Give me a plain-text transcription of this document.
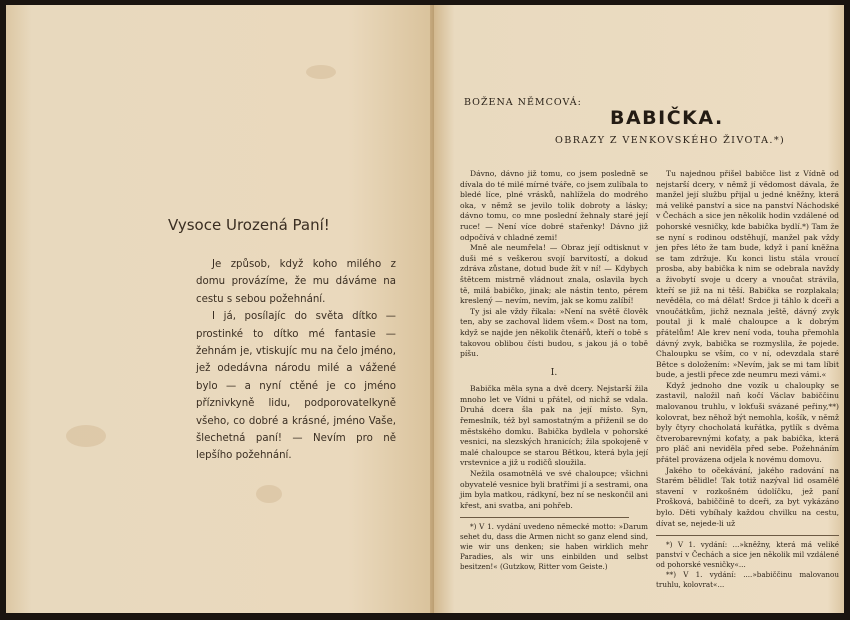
Vysoce Urozená Paní!

Je způsob, když koho milého z domu provázíme, že mu dáváme na cestu s sebou požehnání.

I já, posílajíc do světa dítko — prostinké to dítko mé fantasie — žehnám je, vtiskujíc mu na čelo jméno, jež odedávna národu milé a vážené bylo — a nyní ctěné je co jméno příznivkyně lidu, podporovatelkyně všeho, co dobré a krásné, jméno Vaše, šlechetná paní! — Nevím pro ně lepšího požehnání.

BOŽENA NĚMCOVÁ:
BABIČKA.
OBRAZY Z VENKOVSKÉHO ŽIVOTA.*)

Dávno, dávno již tomu, co jsem posledně se dívala do té milé mírné tváře, co jsem zulíbala to bledé líce, plné vrásků, nahlížela do modrého oka, v němž se jevilo tolik dobroty a lásky; dávno tomu, co mne poslední žehnaly staré její ruce! — Není více dobré stařenky! Dávno již odpočívá v chladné zemi!

Mně ale neumřela! — Obraz její odtisknut v duši mé s veškerou svojí barvitostí, a dokud zdráva zůstane, dotud bude žít v ní! — Kdybych štětcem mistrně vládnout znala, oslavila bych tě, milá babičko, jinak; ale nástin tento, pérem kreslený — nevím, nevím, jak se komu zalíbí!

Ty jsi ale vždy říkala: »Není na světě člověk ten, aby se zachoval lidem všem.« Dost na tom, když se najde jen několik čtenářů, kteří o tobě s takovou oblibou čísti budou, s jakou já o tobě píšu.

I.

Babička měla syna a dvě dcery. Nejstarší žila mnoho let ve Vídni u přátel, od nichž se vdala. Druhá dcera šla pak na její místo. Syn, řemeslník, též byl samostatným a přiženil se do městského domku. Babička bydlela v pohorské vesnici, na slezských hranicích; žila spokojeně v malé chaloupce se starou Bětkou, která byla její vrstevnice a již u rodičů sloužila.

Nežila osamotnělá ve své chaloupce; všichni obyvatelé vesnice byli bratřími jí a sestrami, ona jim byla matkou, rádkyní, bez ní se neskončil ani křest, ani svatba, ani pohřeb.

*) V 1. vydání uvedeno německé motto: »Darum sehet du, dass die Armen nicht so ganz elend sind, wie wir uns denken; sie haben wirklich mehr Paradies, als wir uns einbilden und selbst besitzen!« (Gutzkow, Ritter vom Geiste.)

Tu najednou přišel babičce list z Vídně od nejstarší dcery, v němž jí vědomost dávala, že manžel její službu přijal u jedné kněžny, která má veliké panství a sice na panství Náchodské v Čechách a sice jen několik hodin vzdálené od pohorské vesničky, kde babička bydlí.*) Tam že se nyní s rodinou odstěhují, manžel pak vždy jen přes léto že tam bude, když i paní kněžna se tam zdržuje. Ku konci listu stála vroucí prosba, aby babička k nim se odebrala navždy a živobytí svoje u dcery a vnoučat strávila, kteří se již na ni těší. Babička se rozplakala; nevěděla, co má dělat! Srdce ji táhlo k dceři a vnoučátkům, jichž neznala ještě, dávný zvyk poutal ji k malé chaloupce a k dobrým přátelům! Ale krev není voda, touha přemohla dávný zvyk, babička se rozmyslila, že pojede. Chaloupku se vším, co v ní, odevzdala staré Bětce s doložením: »Nevím, jak se mi tam líbit bude, a jestli přece zde neumru mezi vámi.«

Když jednoho dne vozík u chaloupky se zastavil, naložil naň kočí Václav babiččinu malovanou truhlu, v lokťuši svázané peřiny,**) kolovrat, bez něhož být nemohla, košík, v němž byly čtyry chocholatá kuřátka, pytlík s dvěma čtverobarevnými koťaty, a pak babička, která pro pláč ani neviděla před sebe. Požehnáním přátel provázena odjela k novému domovu.

Jakého to očekávání, jakého radování na Starém bělidle! Tak totiž nazýval lid osamělé stavení v rozkošném údolíčku, jež paní Prošková, babiččině to dceři, za byt vykázáno bylo. Děti vybíhaly každou chvilku na cestu, dívat se, nejede-li už

*) V 1. vydání: ...»kněžny, která má veliké panství v Čechách a sice jen několik mil vzdálené od pohorské vesničky«...

**) V 1. vydání: ....»babiččinu malovanou truhlu, kolovrat«...
